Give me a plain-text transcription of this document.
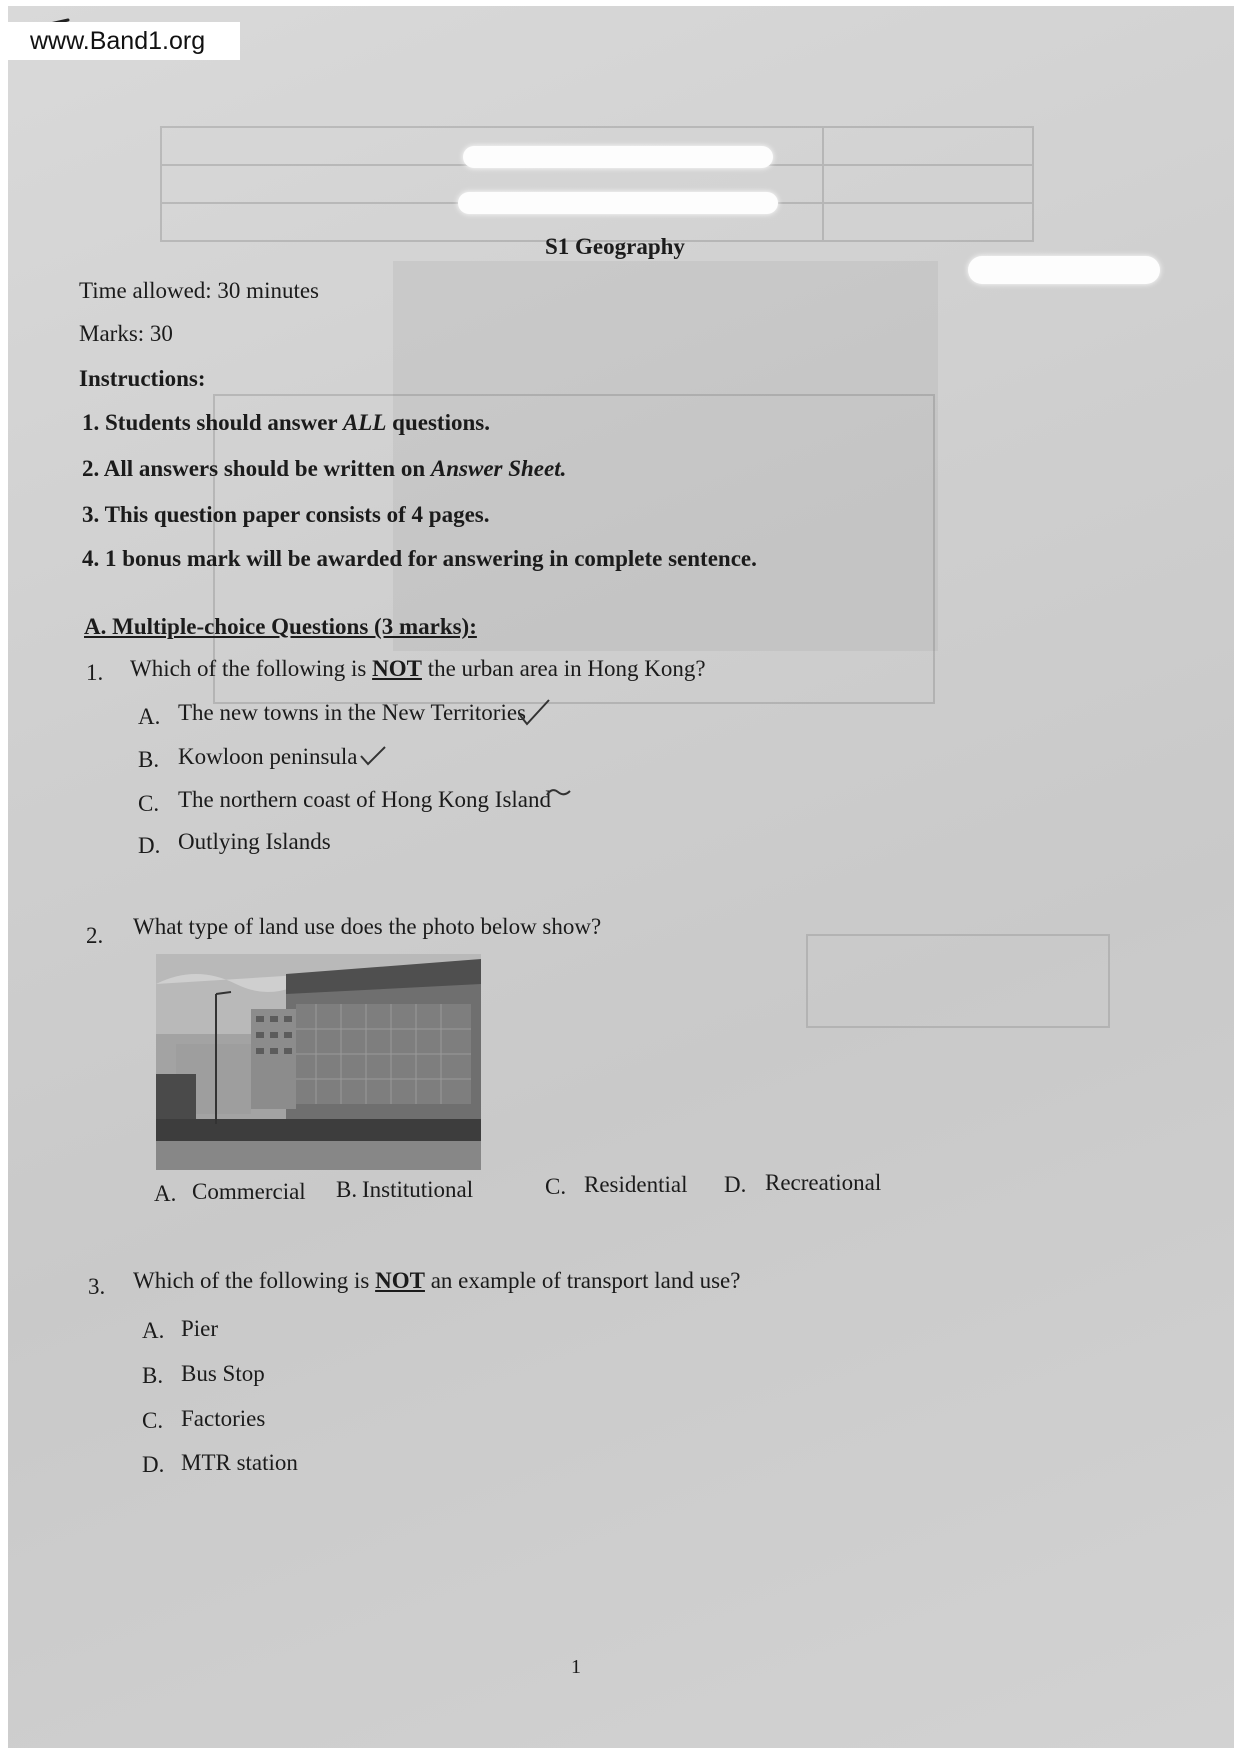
S1 Geography
Time allowed: 30 minutes
Marks: 30
Instructions:
1. Students should answer ALL questions.
2. All answers should be written on Answer Sheet.
3. This question paper consists of 4 pages.
4. 1 bonus mark will be awarded for answering in complete sentence.
A. Multiple-choice Questions (3 marks):
1. Which of the following is NOT the urban area in Hong Kong?
A. The new towns in the New Territories
B. Kowloon peninsula
C. The northern coast of Hong Kong Island
D. Outlying Islands
2. What type of land use does the photo below show?
A. Commercial B. Institutional	C. Residential D. Recreational
3. Which of the following is NOT an example of transport land use?
A. Pier
B. Bus Stop
C. Factories
D. MTR station
1
www.Band1.org
